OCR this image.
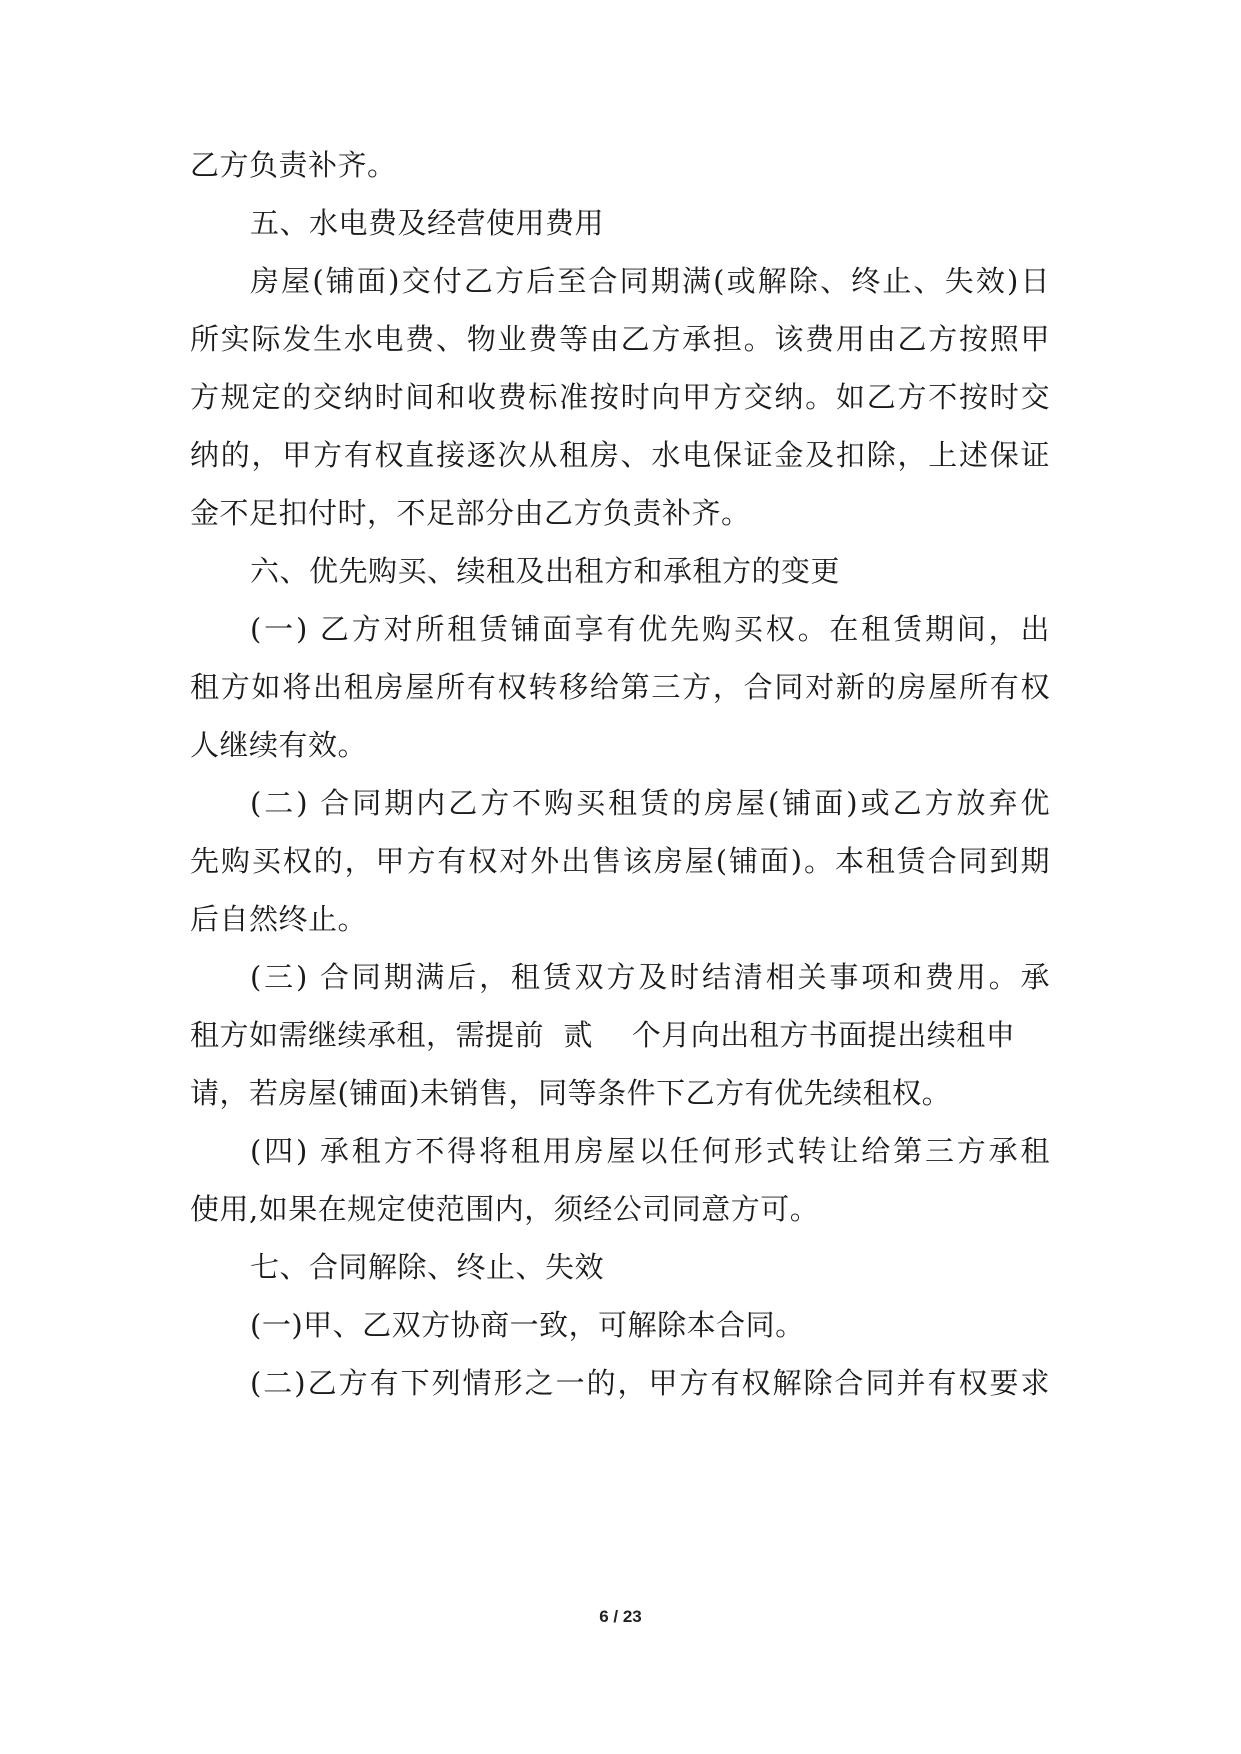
乙方负责补齐。
五、水电费及经营使用费用
房屋(铺面)交付乙方后至合同期满(或解除、终止、失效)日
所实际发生水电费、物业费等由乙方承担。该费用由乙方按照甲
方规定的交纳时间和收费标准按时向甲方交纳。如乙方不按时交
纳的，甲方有权直接逐次从租房、水电保证金及扣除，上述保证
金不足扣付时，不足部分由乙方负责补齐。
六、优先购买、续租及出租方和承租方的变更
(一) 乙方对所租赁铺面享有优先购买权。在租赁期间，出
租方如将出租房屋所有权转移给第三方，合同对新的房屋所有权
人继续有效。
(二) 合同期内乙方不购买租赁的房屋(铺面)或乙方放弃优
先购买权的，甲方有权对外出售该房屋(铺面)。本租赁合同到期
后自然终止。
(三) 合同期满后，租赁双方及时结清相关事项和费用。承
租方如需继续承租，需提前  贰    个月向出租方书面提出续租申
请，若房屋(铺面)未销售，同等条件下乙方有优先续租权。
(四) 承租方不得将租用房屋以任何形式转让给第三方承租
使用,如果在规定使范围内，须经公司同意方可。
七、合同解除、终止、失效
(一)甲、乙双方协商一致，可解除本合同。
(二)乙方有下列情形之一的，甲方有权解除合同并有权要求
6 / 23
